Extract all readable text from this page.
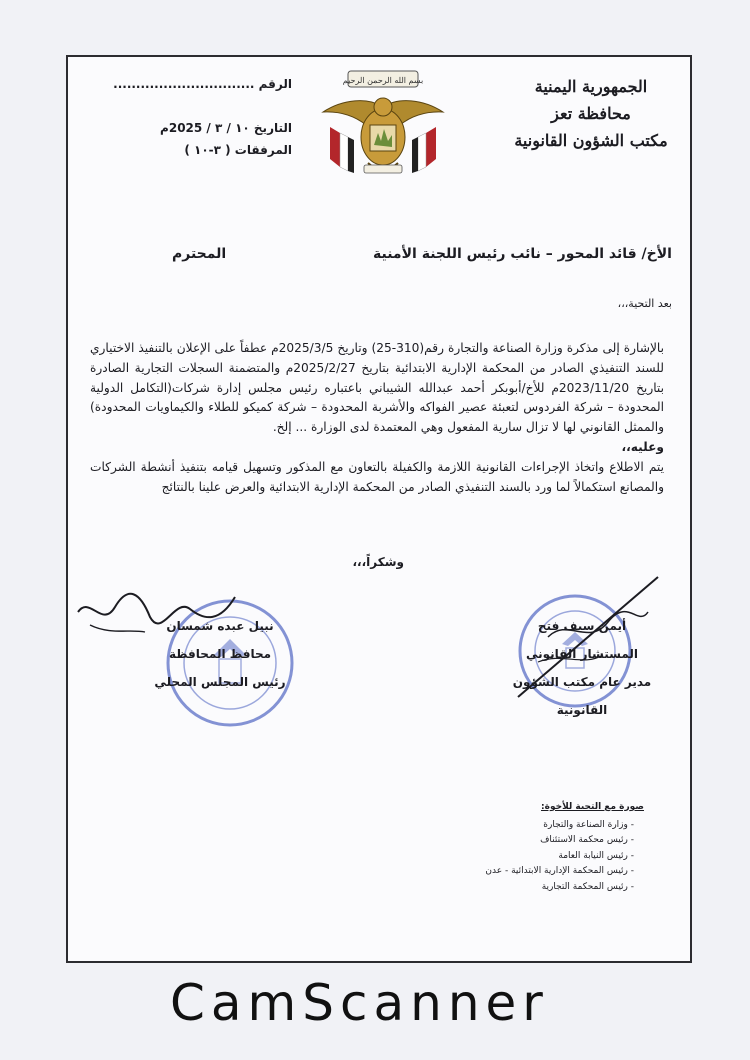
الجمهورية اليمنية
محافظة تعز
مكتب الشؤون القانونية
بسم الله الرحمن الرحيم
الرقم ...............................
التاريخ ١٠ / ٣ / 2025م
المرفقات ( ٣-١٠ )
الأخ/ قائد المحور – نائب رئيس اللجنة الأمنية
المحترم
بعد التحية،،،

بالإشارة إلى مذكرة وزارة الصناعة والتجارة رقم(310-25) وتاريخ 2025/3/5م عطفاً على الإعلان بالتنفيذ الاختياري للسند التنفيذي الصادر من المحكمة الإدارية الابتدائية بتاريخ 2025/2/27م والمتضمنة السجلات التجارية الصادرة بتاريخ 2023/11/20م للأخ/أبوبكر أحمد عبدالله الشيباني باعتباره رئيس مجلس إدارة شركات(التكامل الدولية المحدودة – شركة الفردوس لتعبئة عصير الفواكه والأشربة المحدودة – شركة كميكو للطلاء والكيماويات المحدودة) والممثل القانوني لها لا تزال سارية المفعول وهي المعتمدة لدى الوزارة ... إلخ.

وعليه،،

يتم الاطلاع واتخاذ الإجراءات القانونية اللازمة والكفيلة بالتعاون مع المذكور وتسهيل قيامه بتنفيذ أنشطة الشركات والمصانع استكمالاً لما ورد بالسند التنفيذي الصادر من المحكمة الإدارية الابتدائية والعرض علينا بالنتائج

وشكراً،،،
أيمن سيف فتح
المستشار القانوني
مدير عام مكتب الشؤون القانونية
نبيل عبده شمسان
محافظ المحافظة
رئيس المجلس المحلي
صورة مع التحية للأخوة:
- وزارة الصناعة والتجارة
- رئيس محكمة الاستئناف
- رئيس النيابة العامة
- رئيس المحكمة الإدارية الابتدائية - عدن
- رئيس المحكمة التجارية
CamScanner
